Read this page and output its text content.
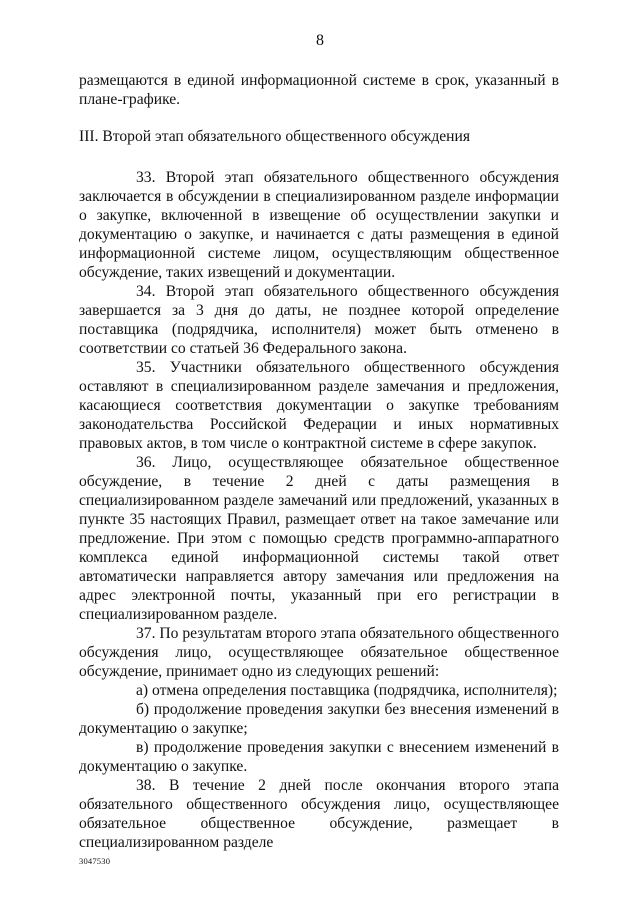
8

размещаются в единой информационной системе в срок, указанный в плане-графике.

III. Второй этап обязательного общественного обсуждения

33. Второй этап обязательного общественного обсуждения заключается в обсуждении в специализированном разделе информации о закупке, включенной в извещение об осуществлении закупки и документацию о закупке, и начинается с даты размещения в единой информационной системе лицом, осуществляющим общественное обсуждение, таких извещений и документации.

34. Второй этап обязательного общественного обсуждения завершается за 3 дня до даты, не позднее которой определение поставщика (подрядчика, исполнителя) может быть отменено в соответствии со статьей 36 Федерального закона.

35. Участники обязательного общественного обсуждения оставляют в специализированном разделе замечания и предложения, касающиеся соответствия документации о закупке требованиям законодательства Российской Федерации и иных нормативных правовых актов, в том числе о контрактной системе в сфере закупок.

36. Лицо, осуществляющее обязательное общественное обсуждение, в течение 2 дней с даты размещения в специализированном разделе замечаний или предложений, указанных в пункте 35 настоящих Правил, размещает ответ на такое замечание или предложение. При этом с помощью средств программно-аппаратного комплекса единой информационной системы такой ответ автоматически направляется автору замечания или предложения на адрес электронной почты, указанный при его регистрации в специализированном разделе.

37. По результатам второго этапа обязательного общественного обсуждения лицо, осуществляющее обязательное общественное обсуждение, принимает одно из следующих решений:

а) отмена определения поставщика (подрядчика, исполнителя);

б) продолжение проведения закупки без внесения изменений в документацию о закупке;

в) продолжение проведения закупки с внесением изменений в документацию о закупке.

38. В течение 2 дней после окончания второго этапа обязательного общественного обсуждения лицо, осуществляющее обязательное общественное обсуждение, размещает в специализированном разделе

3047530
